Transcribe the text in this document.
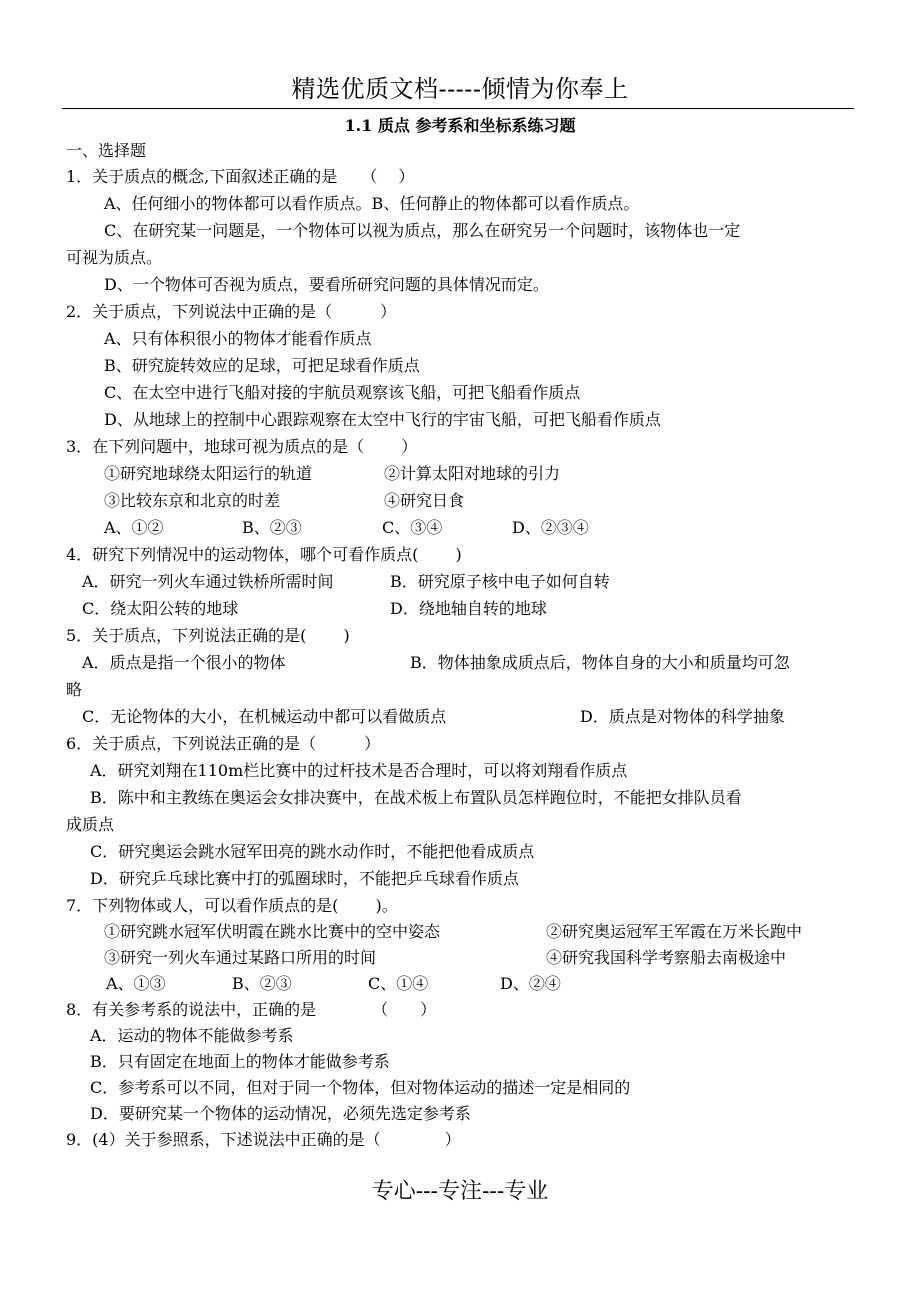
精选优质文档-----倾情为你奉上
1.1 质点 参考系和坐标系练习题
一、选择题
1．关于质点的概念,下面叙述正确的是　　（　 ）
A、任何细小的物体都可以看作质点。B、任何静止的物体都可以看作质点。
C、在研究某一问题是，一个物体可以视为质点，那么在研究另一个问题时，该物体也一定
可视为质点。
D、一个物体可否视为质点，要看所研究问题的具体情况而定。
2．关于质点，下列说法中正确的是（　　　）
A、只有体积很小的物体才能看作质点
B、研究旋转效应的足球，可把足球看作质点
C、在太空中进行飞船对接的宇航员观察该飞船，可把飞船看作质点
D、从地球上的控制中心跟踪观察在太空中飞行的宇宙飞船，可把飞船看作质点
3．在下列问题中，地球可视为质点的是（　　 ）
①研究地球绕太阳运行的轨道	②计算太阳对地球的引力
③比较东京和北京的时差	④研究日食
A、①②	B、②③	C、③④	D、②③④
4．研究下列情况中的运动物体，哪个可看作质点(　　 )
A．研究一列火车通过铁桥所需时间	B．研究原子核中电子如何自转
C．绕太阳公转的地球	D．绕地轴自转的地球
5．关于质点，下列说法正确的是(　　 )
A．质点是指一个很小的物体	B．物体抽象成质点后，物体自身的大小和质量均可忽
略
C．无论物体的大小，在机械运动中都可以看做质点	D．质点是对物体的科学抽象
6．关于质点，下列说法正确的是（　　　）
A．研究刘翔在110m栏比赛中的过杆技术是否合理时，可以将刘翔看作质点
B．陈中和主教练在奥运会女排决赛中，在战术板上布置队员怎样跑位时，不能把女排队员看
成质点
C．研究奥运会跳水冠军田亮的跳水动作时，不能把他看成质点
D．研究乒乓球比赛中打的弧圈球时，不能把乒乓球看作质点
7．下列物体或人，可以看作质点的是(　　 )。
①研究跳水冠军伏明霞在跳水比赛中的空中姿态	②研究奥运冠军王军霞在万米长跑中
③研究一列火车通过某路口所用的时间	④研究我国科学考察船去南极途中
A、①③	B、②③	C、①④	D、②④
8．有关参考系的说法中，正确的是　　　　（　　）
A．运动的物体不能做参考系
B．只有固定在地面上的物体才能做参考系
C．参考系可以不同，但对于同一个物体，但对物体运动的描述一定是相同的
D．要研究某一个物体的运动情况，必须先选定参考系
9．(4）关于参照系，下述说法中正确的是（　　　　）
专心---专注---专业
